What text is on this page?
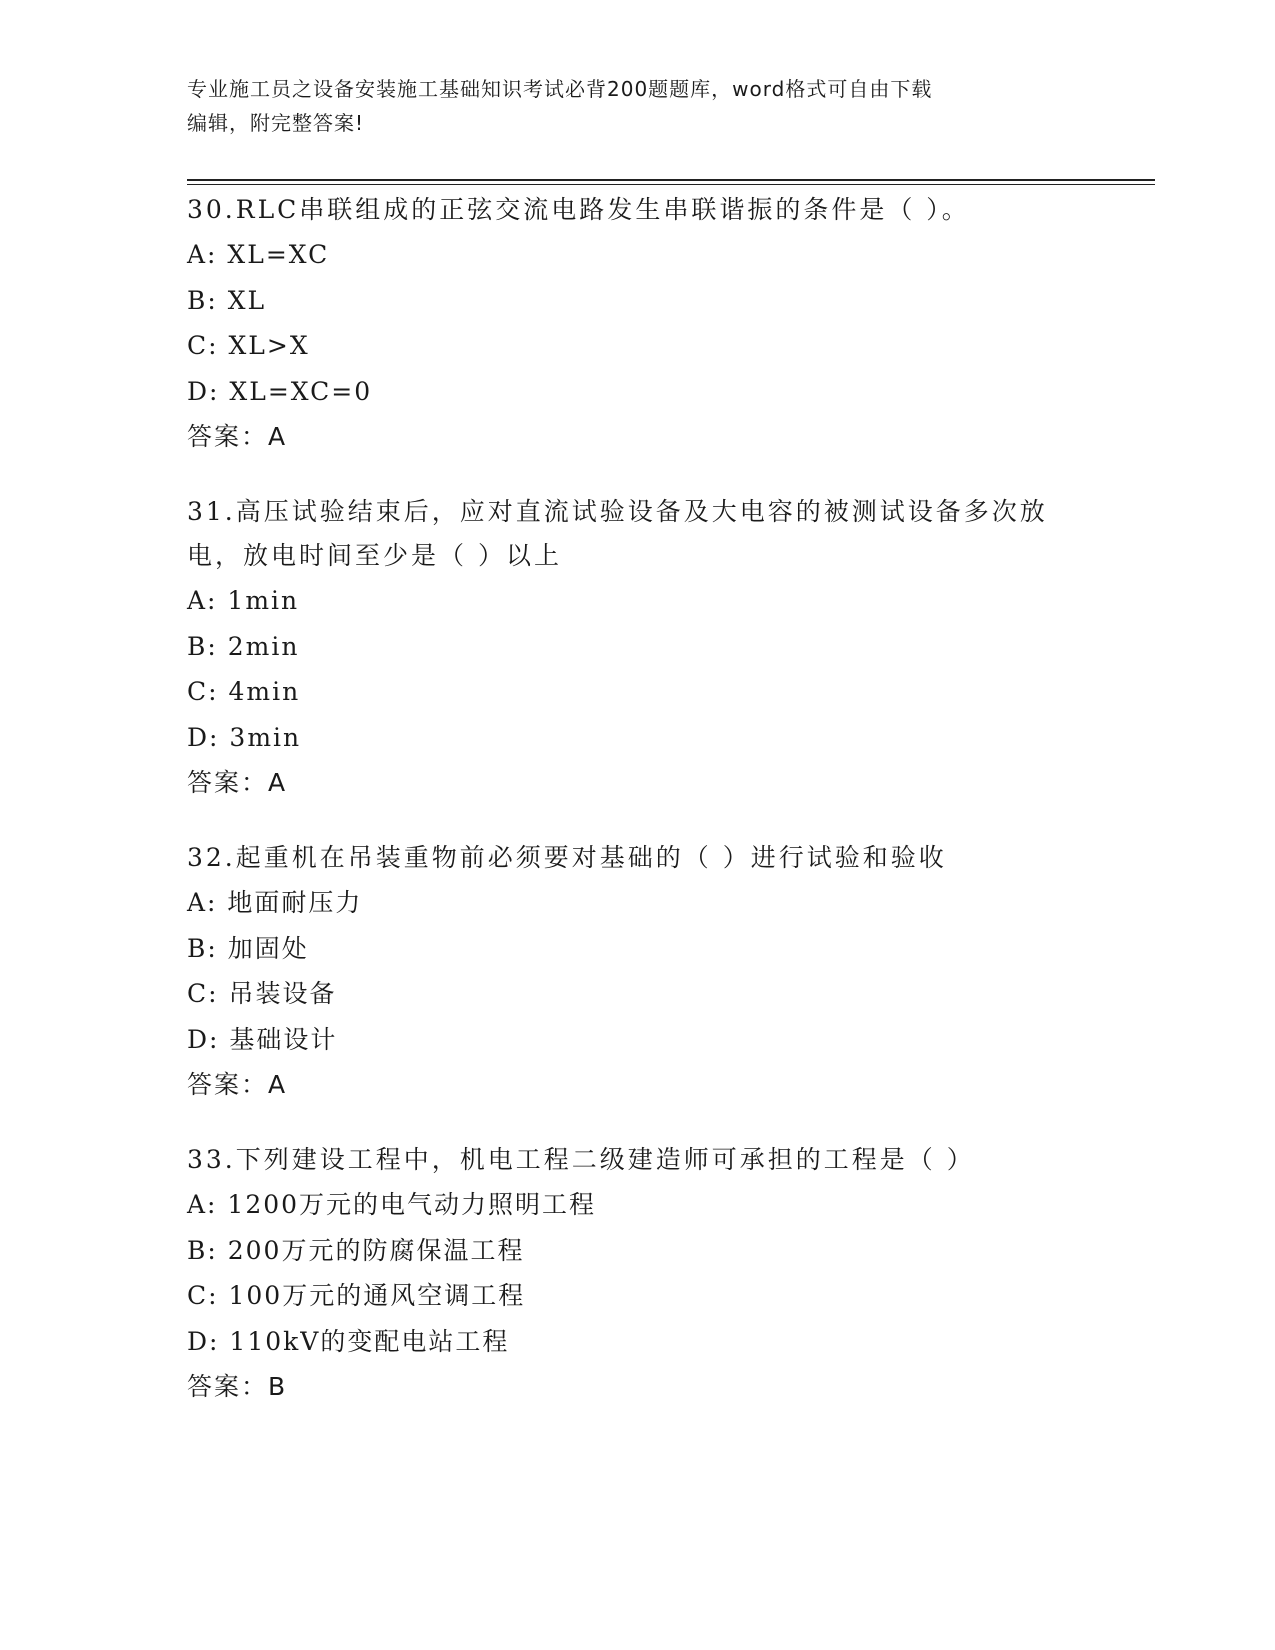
专业施工员之设备安装施工基础知识考试必背200题题库，word格式可自由下载
编辑，附完整答案!
30.RLC串联组成的正弦交流电路发生串联谐振的条件是（ ）。
A: XL=XC
B: XL
C: XL>X
D: XL=XC=0
答案：A
31.高压试验结束后，应对直流试验设备及大电容的被测试设备多次放
电，放电时间至少是（ ）以上
A: 1min
B: 2min
C: 4min
D: 3min
答案：A
32.起重机在吊装重物前必须要对基础的（ ）进行试验和验收
A: 地面耐压力
B: 加固处
C: 吊装设备
D: 基础设计
答案：A
33.下列建设工程中，机电工程二级建造师可承担的工程是（ ）
A: 1200万元的电气动力照明工程
B: 200万元的防腐保温工程
C: 100万元的通风空调工程
D: 110kV的变配电站工程
答案：B
